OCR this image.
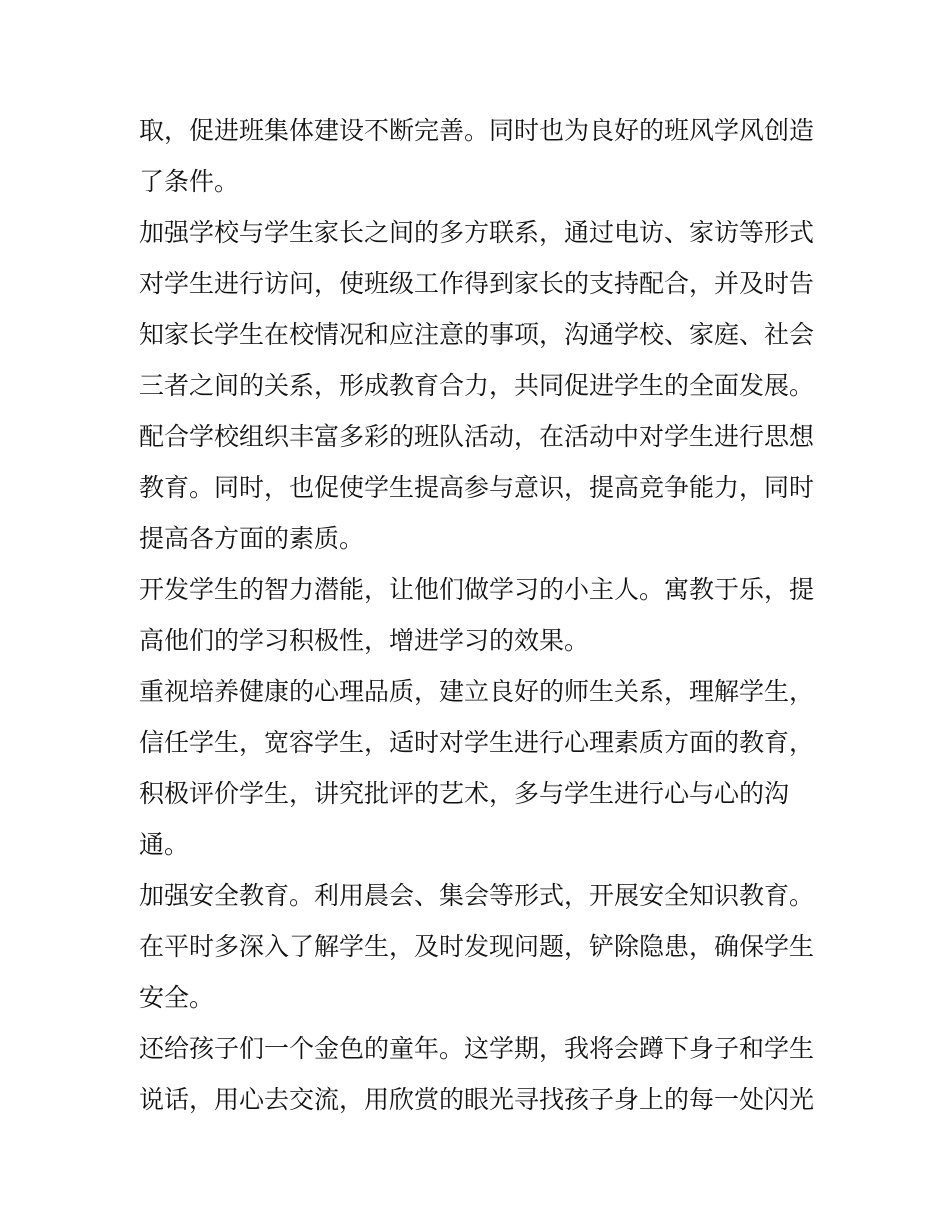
取，促进班集体建设不断完善。同时也为良好的班风学风创造
了条件。
加强学校与学生家长之间的多方联系，通过电访、家访等形式
对学生进行访问，使班级工作得到家长的支持配合，并及时告
知家长学生在校情况和应注意的事项，沟通学校、家庭、社会
三者之间的关系，形成教育合力，共同促进学生的全面发展。
配合学校组织丰富多彩的班队活动，在活动中对学生进行思想
教育。同时，也促使学生提高参与意识，提高竞争能力，同时
提高各方面的素质。
开发学生的智力潜能，让他们做学习的小主人。寓教于乐，提
高他们的学习积极性，增进学习的效果。
重视培养健康的心理品质，建立良好的师生关系，理解学生，
信任学生，宽容学生，适时对学生进行心理素质方面的教育，
积极评价学生，讲究批评的艺术，多与学生进行心与心的沟
通。
加强安全教育。利用晨会、集会等形式，开展安全知识教育。
在平时多深入了解学生，及时发现问题，铲除隐患，确保学生
安全。
还给孩子们一个金色的童年。这学期，我将会蹲下身子和学生
说话，用心去交流，用欣赏的眼光寻找孩子身上的每一处闪光
